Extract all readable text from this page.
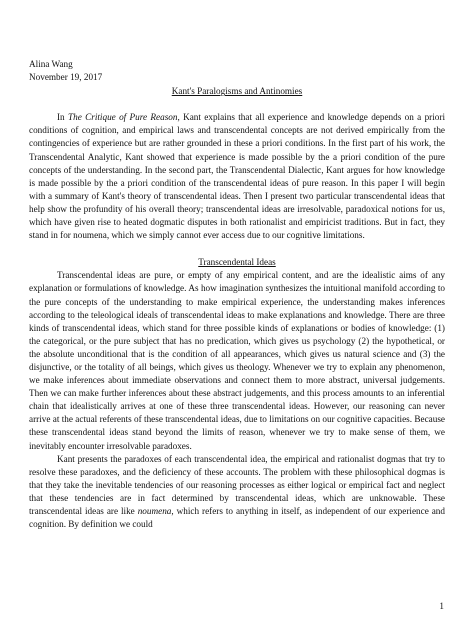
Alina Wang
November 19, 2017
Kant's Paralogisms and Antinomies

In The Critique of Pure Reason, Kant explains that all experience and knowledge depends on a priori conditions of cognition, and empirical laws and transcendental concepts are not derived empirically from the contingencies of experience but are rather grounded in these a priori conditions. In the first part of his work, the Transcendental Analytic, Kant showed that experience is made possible by the a priori condition of the pure concepts of the understanding. In the second part, the Transcendental Dialectic, Kant argues for how knowledge is made possible by the a priori condition of the transcendental ideas of pure reason. In this paper I will begin with a summary of Kant's theory of transcendental ideas. Then I present two particular transcendental ideas that help show the profundity of his overall theory; transcendental ideas are irresolvable, paradoxical notions for us, which have given rise to heated dogmatic disputes in both rationalist and empiricist traditions. But in fact, they stand in for noumena, which we simply cannot ever access due to our cognitive limitations.

Transcendental Ideas

Transcendental ideas are pure, or empty of any empirical content, and are the idealistic aims of any explanation or formulations of knowledge. As how imagination synthesizes the intuitional manifold according to the pure concepts of the understanding to make empirical experience, the understanding makes inferences according to the teleological ideals of transcendental ideas to make explanations and knowledge. There are three kinds of transcendental ideas, which stand for three possible kinds of explanations or bodies of knowledge: (1) the categorical, or the pure subject that has no predication, which gives us psychology (2) the hypothetical, or the absolute unconditional that is the condition of all appearances, which gives us natural science and (3) the disjunctive, or the totality of all beings, which gives us theology. Whenever we try to explain any phenomenon, we make inferences about immediate observations and connect them to more abstract, universal judgements. Then we can make further inferences about these abstract judgements, and this process amounts to an inferential chain that idealistically arrives at one of these three transcendental ideas. However, our reasoning can never arrive at the actual referents of these transcendental ideas, due to limitations on our cognitive capacities. Because these transcendental ideas stand beyond the limits of reason, whenever we try to make sense of them, we inevitably encounter irresolvable paradoxes.

Kant presents the paradoxes of each transcendental idea, the empirical and rationalist dogmas that try to resolve these paradoxes, and the deficiency of these accounts. The problem with these philosophical dogmas is that they take the inevitable tendencies of our reasoning processes as either logical or empirical fact and neglect that these tendencies are in fact determined by transcendental ideas, which are unknowable. These transcendental ideas are like noumena, which refers to anything in itself, as independent of our experience and cognition. By definition we could

1
